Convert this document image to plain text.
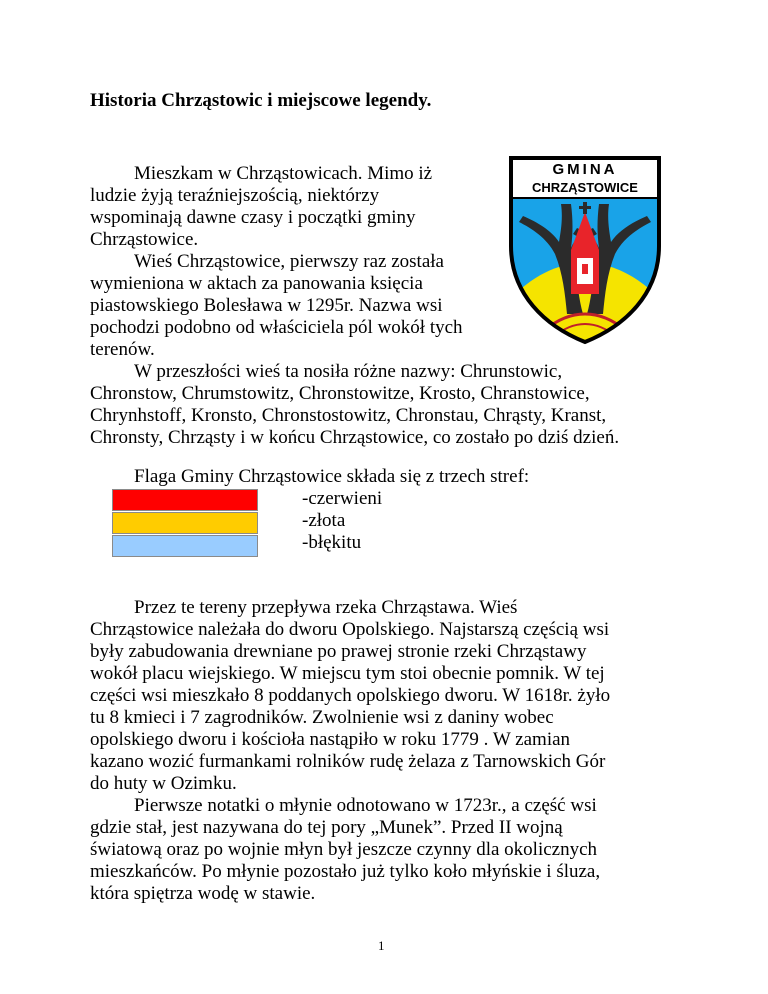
Historia Chrząstowic i miejscowe legendy.
Mieszkam w Chrząstowicach. Mimo iż
ludzie żyją teraźniejszością, niektórzy
wspominają dawne czasy i początki gminy
Chrząstowice.
Wieś Chrząstowice, pierwszy raz została
wymieniona w aktach za panowania księcia
piastowskiego Bolesława w 1295r. Nazwa wsi
pochodzi podobno od właściciela pól wokół tych
terenów.
W przeszłości wieś ta nosiła różne nazwy: Chrunstowic,
Chronstow, Chrumstowitz, Chronstowitze, Krosto, Chranstowice,
Chrynhstoff, Kronsto, Chronstostowitz, Chronstau, Chrąsty, Kranst,
Chronsty, Chrząsty i w końcu Chrząstowice, co zostało po dziś dzień.
Flaga Gminy Chrząstowice składa się z trzech stref:
-czerwieni
-złota
-błękitu
Przez te tereny przepływa rzeka Chrząstawa. Wieś
Chrząstowice należała do dworu Opolskiego. Najstarszą częścią wsi
były zabudowania drewniane po prawej stronie rzeki Chrząstawy
wokół placu wiejskiego. W miejscu tym stoi obecnie pomnik. W tej
części wsi mieszkało 8 poddanych opolskiego dworu. W 1618r. żyło
tu 8 kmieci i 7 zagrodników. Zwolnienie wsi z daniny wobec
opolskiego dworu i kościoła nastąpiło w roku 1779 . W zamian
kazano wozić furmankami rolników rudę żelaza z Tarnowskich Gór
do huty w Ozimku.
Pierwsze notatki o młynie odnotowano w 1723r., a część wsi
gdzie stał, jest nazywana do tej pory „Munek”. Przed II wojną
światową oraz po wojnie młyn był jeszcze czynny dla okolicznych
mieszkańców. Po młynie pozostało już tylko koło młyńskie i śluza,
która spiętrza wodę w stawie.
1
GMINA
CHRZĄSTOWICE
